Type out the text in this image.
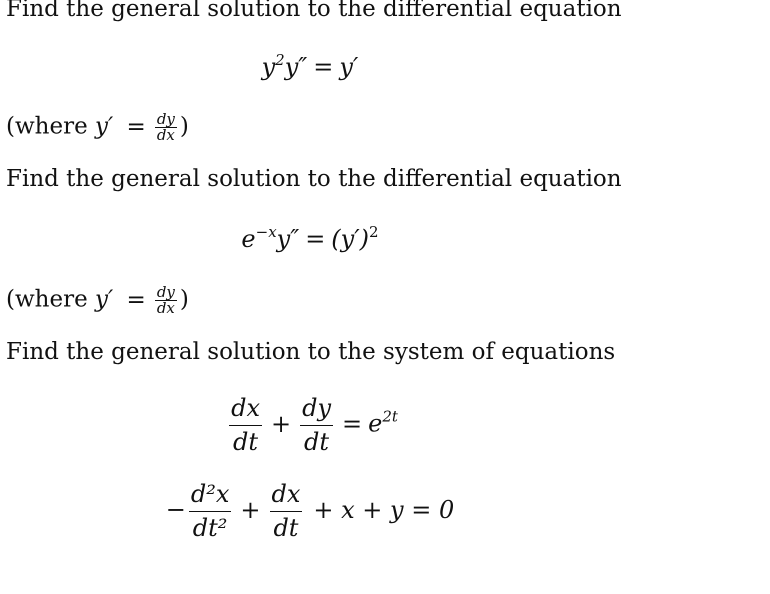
Find the general solution to the differential equation
$y^2y'' = y'$
(where $y' = \frac{dy}{dx}$ )
Find the general solution to the differential equation
$e^{-x}y'' = (y')^2$
(where $y' = \frac{dy}{dx}$ )
Find the general solution to the system of equations
$\frac{dx}{dt} + \frac{dy}{dt} = e^{2t}$
− $\frac{\text{d²x}}{\text{dt²}} + \frac{dx}{dt} + x + y = 0$
